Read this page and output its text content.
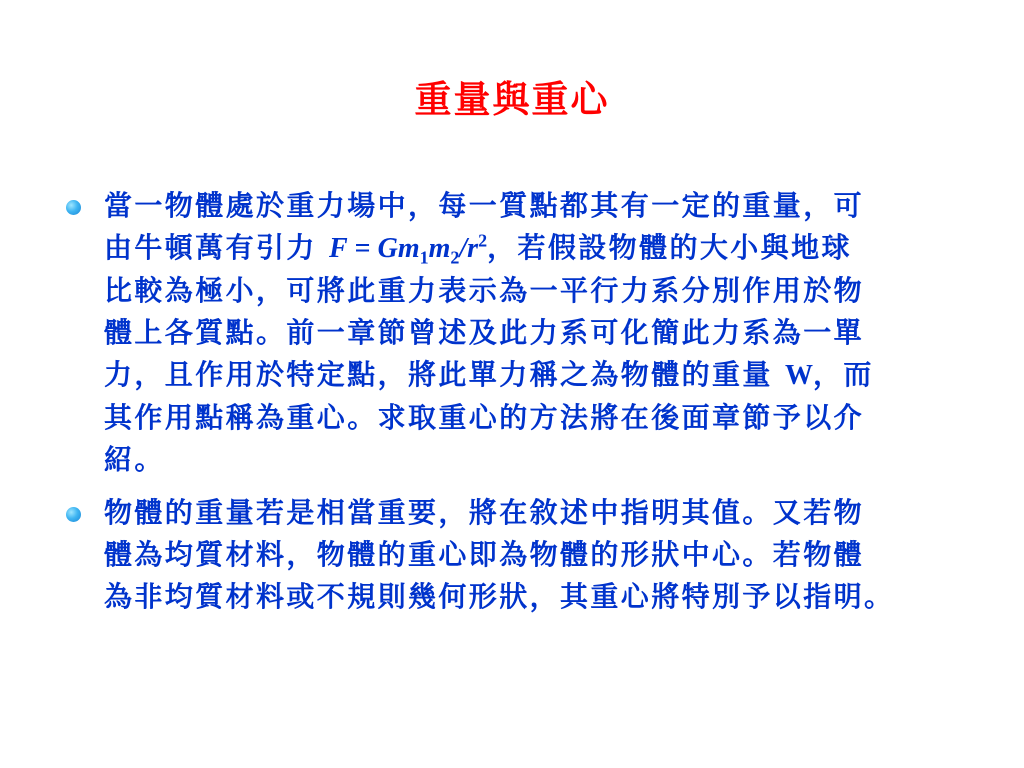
重量與重心
當一物體處於重力場中，每一質點都其有一定的重量，可
由牛頓萬有引力 $F = Gm_1m_2/r^2$，若假設物體的大小與地球
比較為極小，可將此重力表示為一平行力系分別作用於物
體上各質點。前一章節曾述及此力系可化簡此力系為一單
力，且作用於特定點，將此單力稱之為物體的重量 W，而
其作用點稱為重心。求取重心的方法將在後面章節予以介
紹。
物體的重量若是相當重要，將在敘述中指明其值。又若物
體為均質材料，物體的重心即為物體的形狀中心。若物體
為非均質材料或不規則幾何形狀，其重心將特別予以指明。
